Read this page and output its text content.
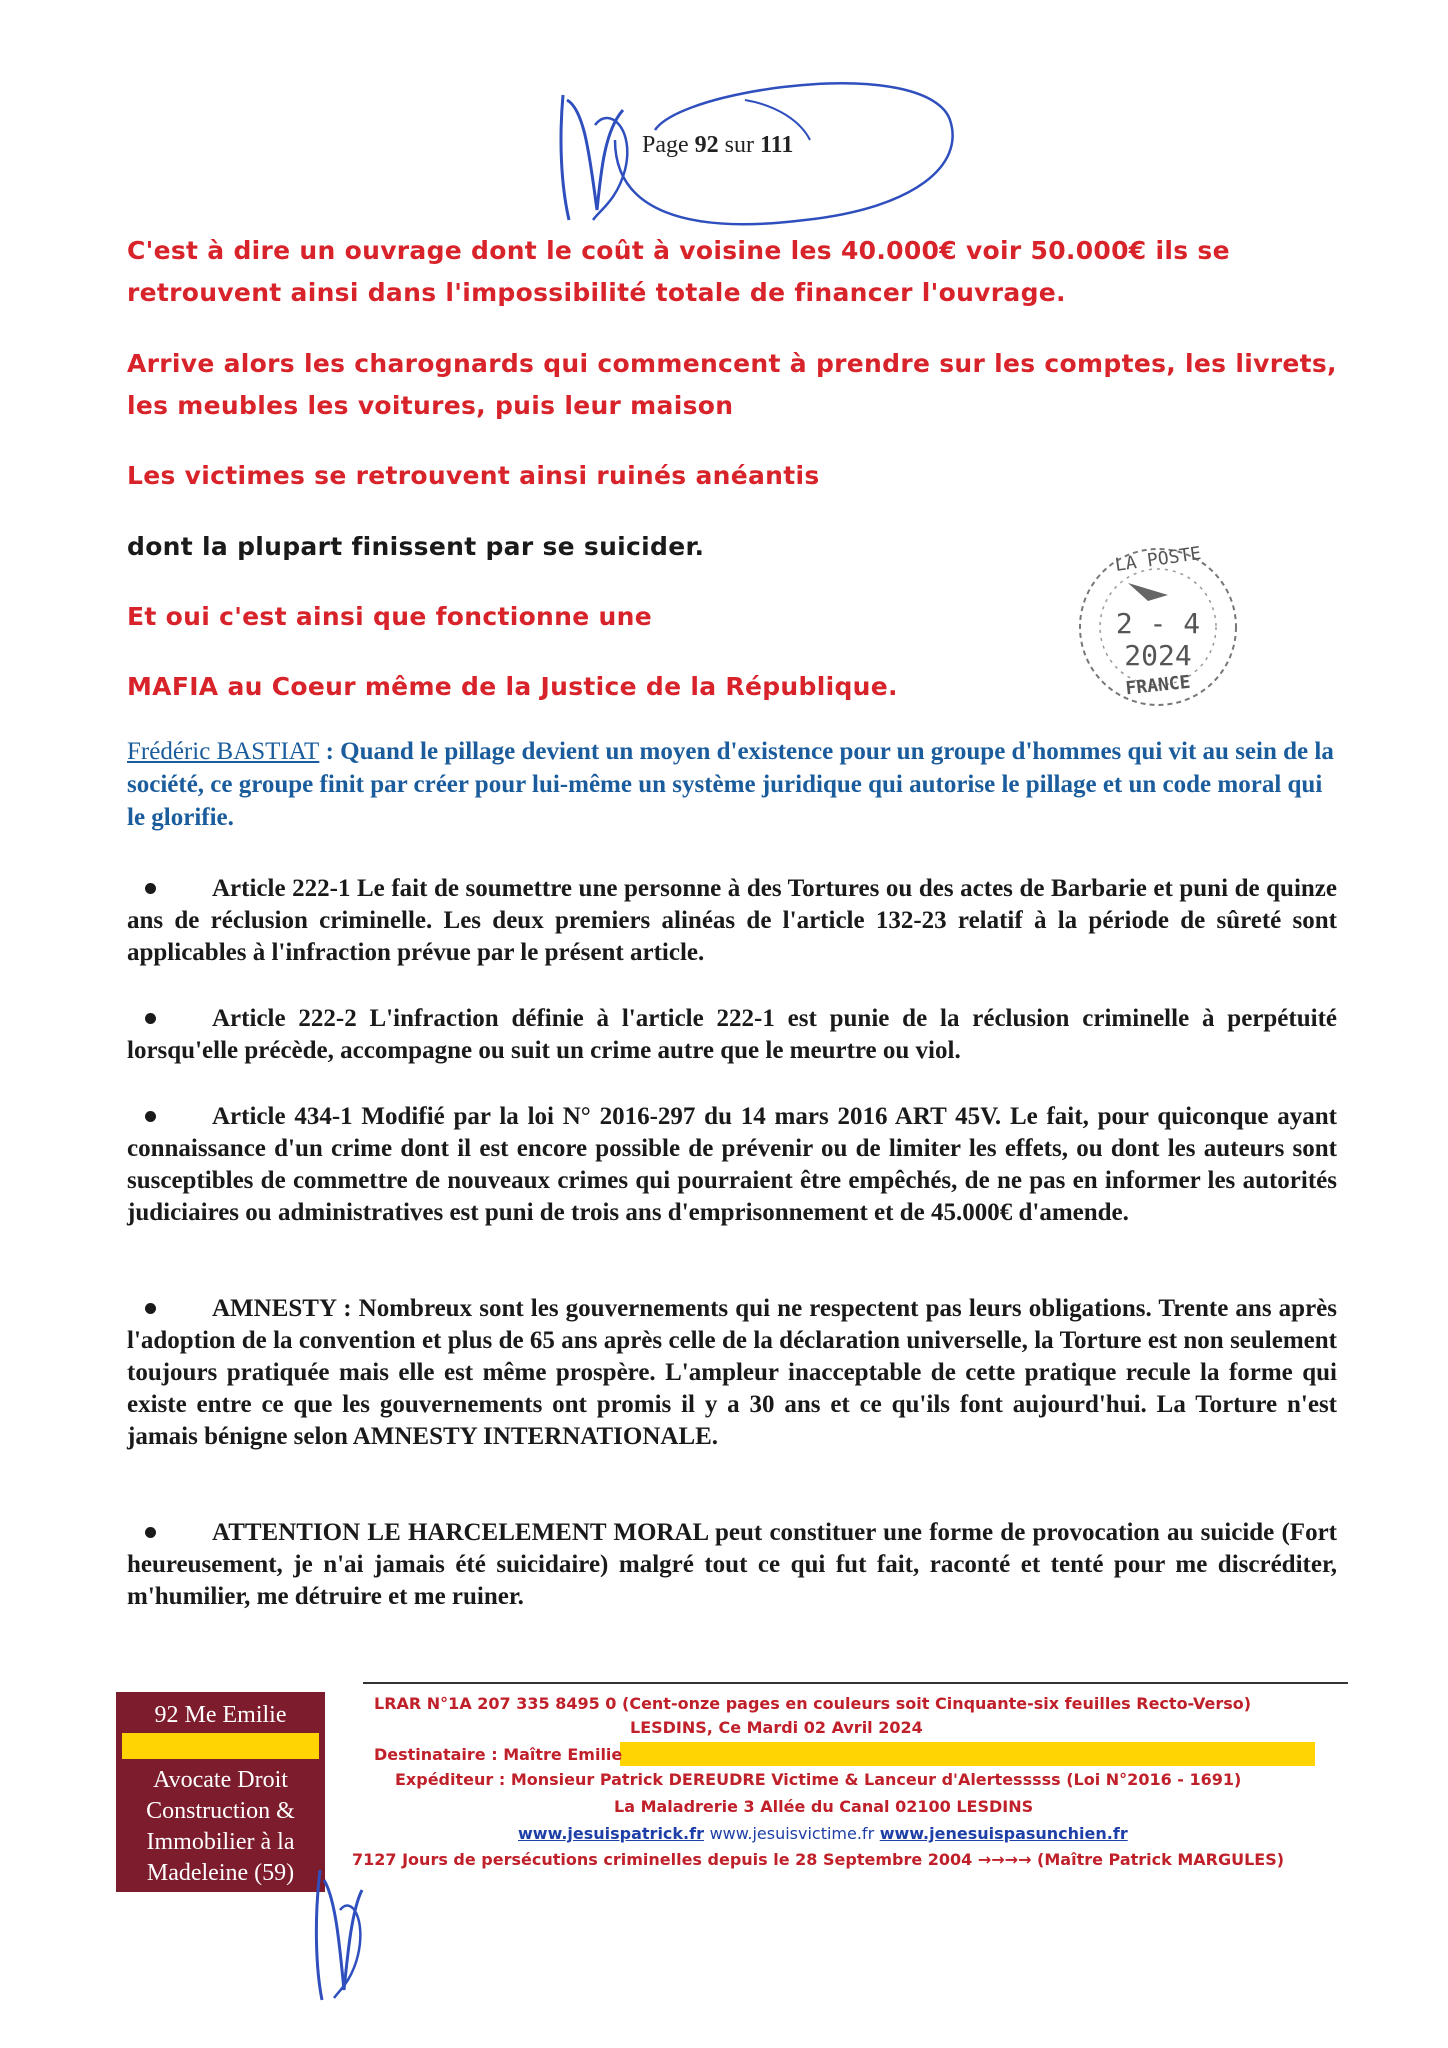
Page 92 sur 111
C'est à dire un ouvrage dont le coût à voisine les 40.000€ voir 50.000€ ils se retrouvent ainsi dans l'impossibilité totale de financer l'ouvrage.
Arrive alors les charognards qui commencent à prendre sur les comptes, les livrets, les meubles les voitures, puis leur maison
Les victimes se retrouvent ainsi ruinés anéantis
dont la plupart finissent par se suicider.
Et oui c'est ainsi que fonctionne une
MAFIA au Coeur même de la Justice de la République.
LA POSTE
2 - 4
2024
FRANCE
Frédéric BASTIAT : Quand le pillage devient un moyen d'existence pour un groupe d'hommes qui vit au sein de la société, ce groupe finit par créer pour lui-même un système juridique qui autorise le pillage et un code moral qui le glorifie.
Article 222-1 Le fait de soumettre une personne à des Tortures ou des actes de Barbarie et puni de quinze ans de réclusion criminelle. Les deux premiers alinéas de l'article 132-23 relatif à la période de sûreté sont applicables à l'infraction prévue par le présent article.
Article 222-2 L'infraction définie à l'article 222-1 est punie de la réclusion criminelle à perpétuité lorsqu'elle précède, accompagne ou suit un crime autre que le meurtre ou viol.
Article 434-1 Modifié par la loi N° 2016-297 du 14 mars 2016 ART 45V. Le fait, pour quiconque ayant connaissance d'un crime dont il est encore possible de prévenir ou de limiter les effets, ou dont les auteurs sont susceptibles de commettre de nouveaux crimes qui pourraient être empêchés, de ne pas en informer les autorités judiciaires ou administratives est puni de trois ans d'emprisonnement et de 45.000€ d'amende.
AMNESTY : Nombreux sont les gouvernements qui ne respectent pas leurs obligations. Trente ans après l'adoption de la convention et plus de 65 ans après celle de la déclaration universelle, la Torture est non seulement toujours pratiquée mais elle est même prospère. L'ampleur inacceptable de cette pratique recule la forme qui existe entre ce que les gouvernements ont promis il y a 30 ans et ce qu'ils font aujourd'hui. La Torture n'est jamais bénigne selon AMNESTY INTERNATIONALE.
ATTENTION LE HARCELEMENT MORAL peut constituer une forme de provocation au suicide (Fort heureusement, je n'ai jamais été suicidaire) malgré tout ce qui fut fait, raconté et tenté pour me discréditer, m'humilier, me détruire et me ruiner.
92 Me Emilie
Avocate Droit
Construction &
Immobilier à la
Madeleine (59)
LRAR N°1A 207 335 8495 0 (Cent-onze pages en couleurs soit Cinquante-six feuilles Recto-Verso)
LESDINS, Ce Mardi 02 Avril 2024
Destinataire : Maître Emilie
Expéditeur : Monsieur Patrick DEREUDRE Victime & Lanceur d'Alertesssss (Loi N°2016 - 1691)
La Maladrerie 3 Allée du Canal 02100 LESDINS
www.jesuispatrick.fr www.jesuisvictime.fr www.jenesuispasunchien.fr
7127 Jours de persécutions criminelles depuis le 28 Septembre 2004 →→→→ (Maître Patrick MARGULES)
